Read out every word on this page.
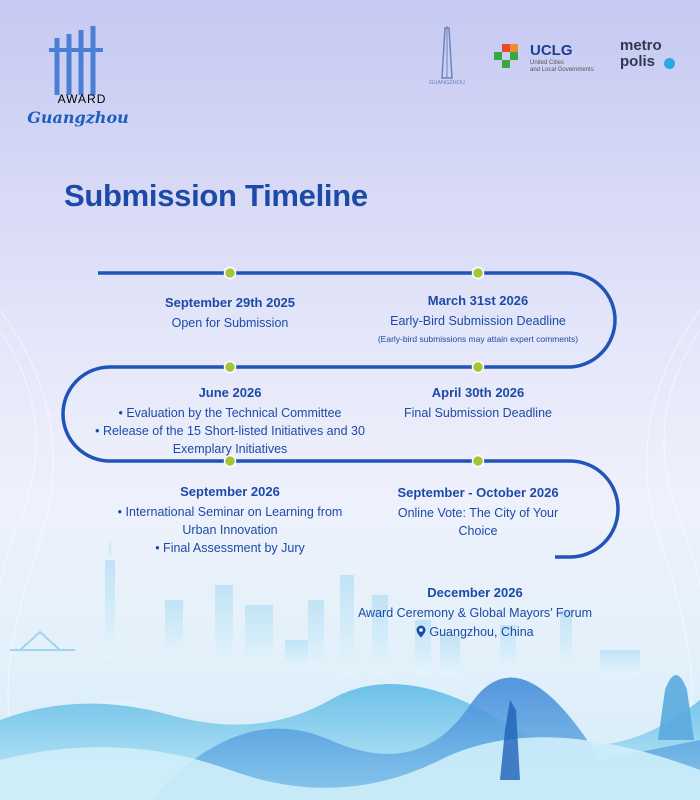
AWARD
Guangzhou
GUANGZHOU
UCLG
United Cities
and Local Governments
metro
polis
Submission Timeline
September 29th 2025
Open for Submission
March 31st 2026
Early-Bird Submission Deadline
(Early-bird submissions may attain expert comments)
June 2026
• Evaluation by the Technical Committee
• Release of the 15 Short-listed Initiatives and 30
Exemplary Initiatives
April 30th 2026
Final Submission Deadline
September 2026
• International Seminar on Learning from
Urban Innovation
• Final Assessment by Jury
September - October 2026
Online Vote: The City of Your
Choice
December 2026
Award Ceremony & Global Mayors’ Forum
Guangzhou, China
